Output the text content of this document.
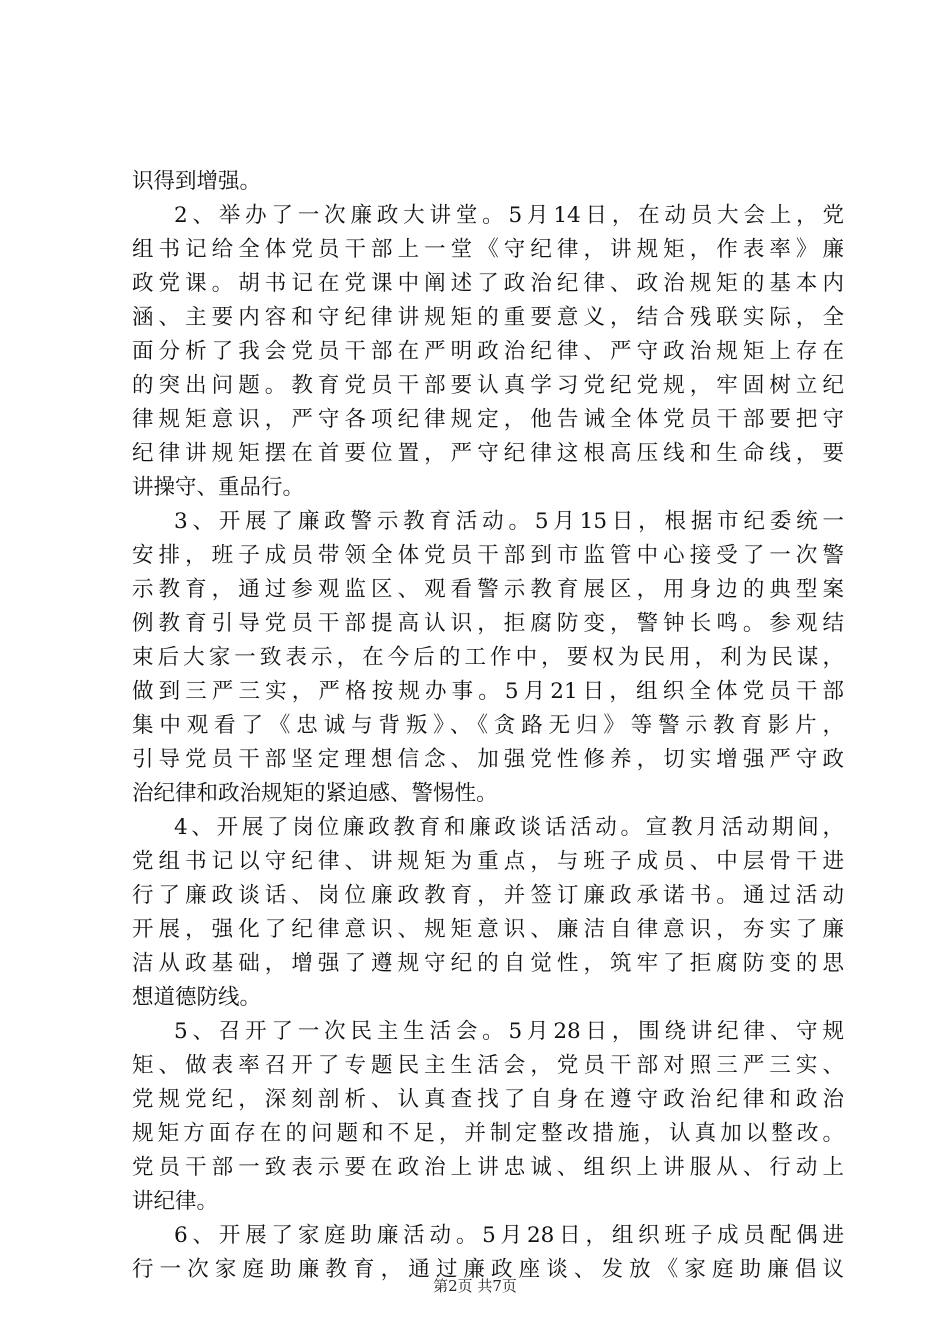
识得到增强。
2、举办了一次廉政大讲堂。5月14日，在动员大会上，党
组书记给全体党员干部上一堂《守纪律，讲规矩，作表率》廉
政党课。胡书记在党课中阐述了政治纪律、政治规矩的基本内
涵、主要内容和守纪律讲规矩的重要意义，结合残联实际，全
面分析了我会党员干部在严明政治纪律、严守政治规矩上存在
的突出问题。教育党员干部要认真学习党纪党规，牢固树立纪
律规矩意识，严守各项纪律规定，他告诫全体党员干部要把守
纪律讲规矩摆在首要位置，严守纪律这根高压线和生命线，要
讲操守、重品行。
3、开展了廉政警示教育活动。5月15日，根据市纪委统一
安排，班子成员带领全体党员干部到市监管中心接受了一次警
示教育，通过参观监区、观看警示教育展区，用身边的典型案
例教育引导党员干部提高认识，拒腐防变，警钟长鸣。参观结
束后大家一致表示，在今后的工作中，要权为民用，利为民谋，
做到三严三实，严格按规办事。5月21日，组织全体党员干部
集中观看了《忠诚与背叛》、《贪路无归》等警示教育影片，
引导党员干部坚定理想信念、加强党性修养，切实增强严守政
治纪律和政治规矩的紧迫感、警惕性。
4、开展了岗位廉政教育和廉政谈话活动。宣教月活动期间，
党组书记以守纪律、讲规矩为重点，与班子成员、中层骨干进
行了廉政谈话、岗位廉政教育，并签订廉政承诺书。通过活动
开展，强化了纪律意识、规矩意识、廉洁自律意识，夯实了廉
洁从政基础，增强了遵规守纪的自觉性，筑牢了拒腐防变的思
想道德防线。
5、召开了一次民主生活会。5月28日，围绕讲纪律、守规
矩、做表率召开了专题民主生活会，党员干部对照三严三实、
党规党纪，深刻剖析、认真查找了自身在遵守政治纪律和政治
规矩方面存在的问题和不足，并制定整改措施，认真加以整改。
党员干部一致表示要在政治上讲忠诚、组织上讲服从、行动上
讲纪律。
6、开展了家庭助廉活动。5月28日，组织班子成员配偶进
行一次家庭助廉教育，通过廉政座谈、发放《家庭助廉倡议
第2页 共7页
